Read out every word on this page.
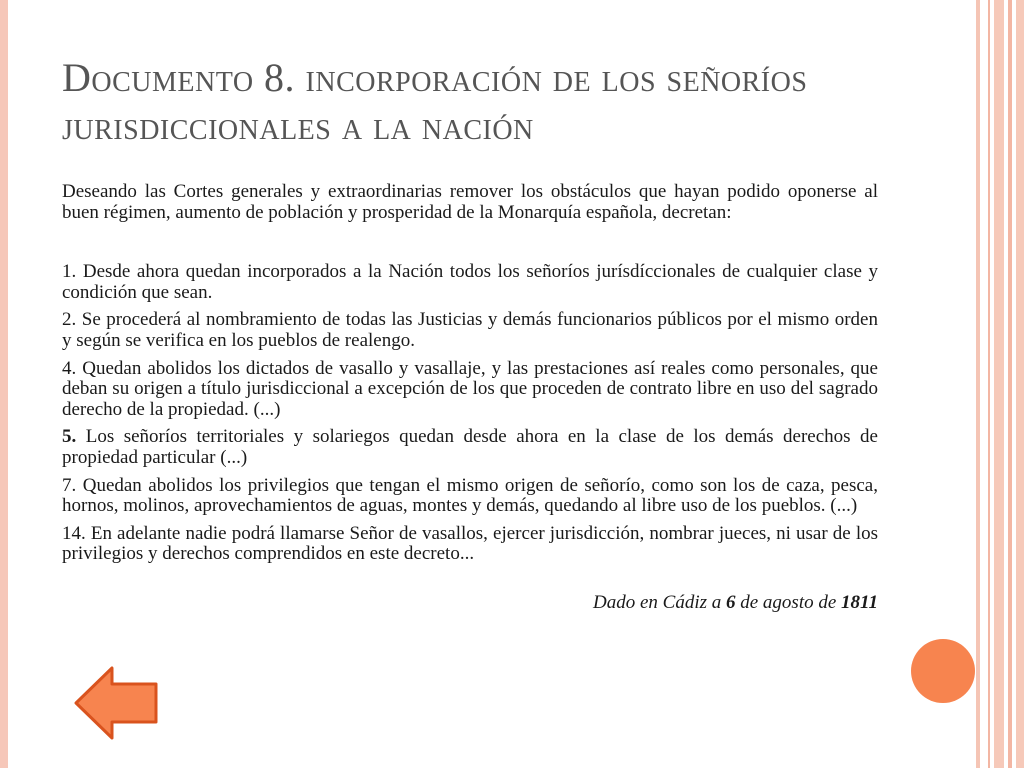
Documento 8. incorporación de los señoríos jurisdiccionales a la nación

Deseando las Cortes generales y extraordinarias remover los obstáculos que hayan podido oponerse al buen régimen, aumento de población y prosperidad de la Monarquía española, decretan:

1. Desde ahora quedan incorporados a la Nación todos los señoríos jurísdíccionales de cualquier clase y condición que sean.

2. Se procederá al nombramiento de todas las Justicias y demás funcionarios públicos por el mismo orden y según se verifica en los pueblos de realengo.

4. Quedan abolidos los dictados de vasallo y vasallaje, y las prestaciones así reales como personales, que deban su origen a título jurisdiccional a excepción de los que proceden de contrato libre en uso del sagrado derecho de la propiedad. (...)

5. Los señoríos territoriales y solariegos quedan desde ahora en la clase de los demás derechos de propiedad particular (...)

7. Quedan abolidos los privilegios que tengan el mismo origen de señorío, como son los de caza, pesca, hornos, molinos, aprovechamientos de aguas, montes y demás, quedando al libre uso de los pueblos. (...)

14. En adelante nadie podrá llamarse Señor de vasallos, ejercer jurisdicción, nombrar jueces, ni usar de los privilegios y derechos comprendidos en este decreto...

Dado en Cádiz a 6 de agosto de 1811
